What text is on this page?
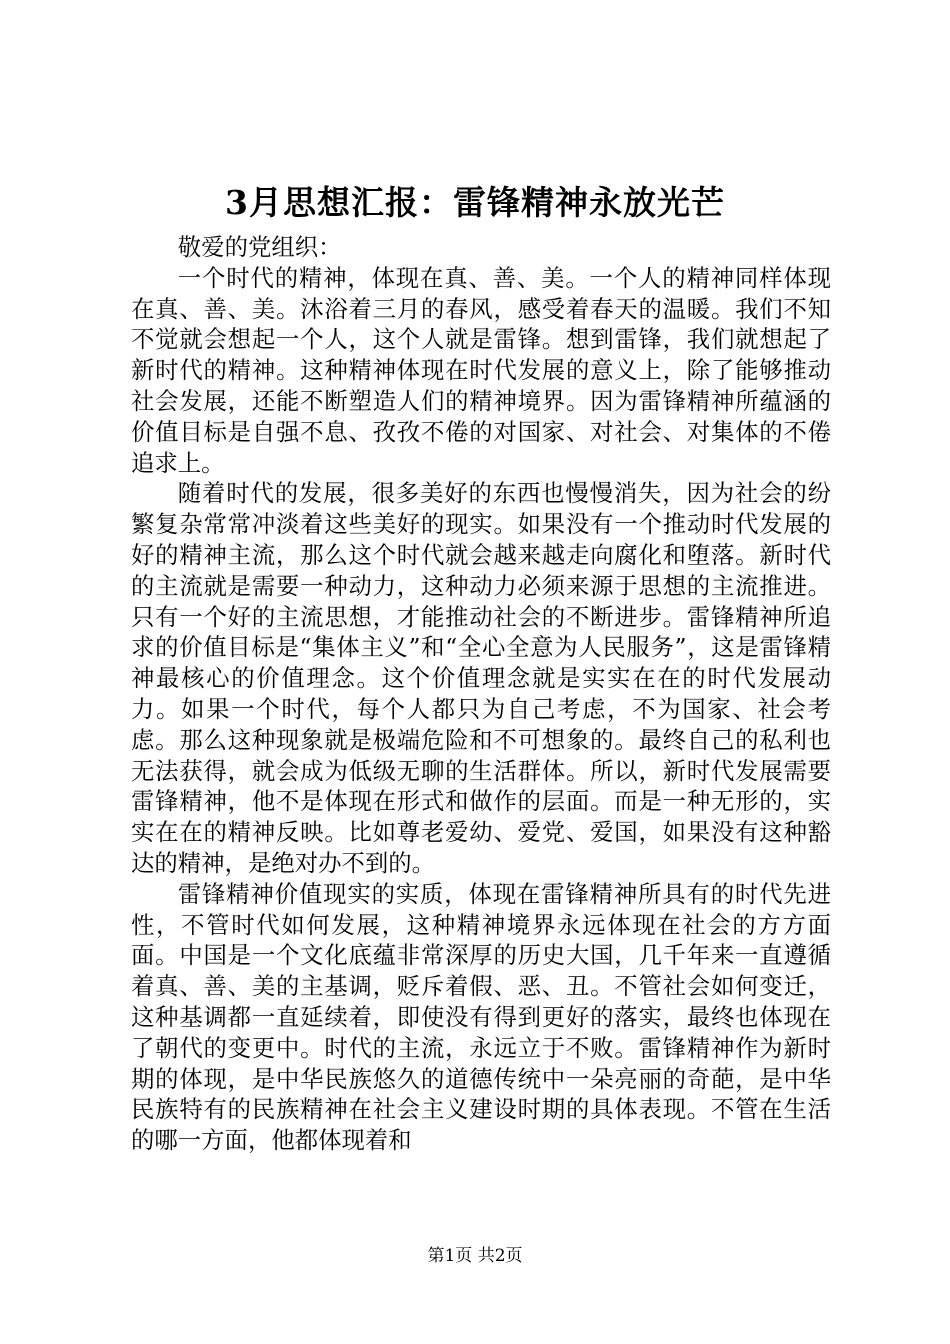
3月思想汇报：雷锋精神永放光芒

敬爱的党组织：

一个时代的精神，体现在真、善、美。一个人的精神同样体现在真、善、美。沐浴着三月的春风，感受着春天的温暖。我们不知不觉就会想起一个人，这个人就是雷锋。想到雷锋，我们就想起了新时代的精神。这种精神体现在时代发展的意义上，除了能够推动社会发展，还能不断塑造人们的精神境界。因为雷锋精神所蕴涵的价值目标是自强不息、孜孜不倦的对国家、对社会、对集体的不倦追求上。

随着时代的发展，很多美好的东西也慢慢消失，因为社会的纷繁复杂常常冲淡着这些美好的现实。如果没有一个推动时代发展的好的精神主流，那么这个时代就会越来越走向腐化和堕落。新时代的主流就是需要一种动力，这种动力必须来源于思想的主流推进。只有一个好的主流思想，才能推动社会的不断进步。雷锋精神所追求的价值目标是“集体主义”和“全心全意为人民服务”，这是雷锋精神最核心的价值理念。这个价值理念就是实实在在的时代发展动力。如果一个时代，每个人都只为自己考虑，不为国家、社会考虑。那么这种现象就是极端危险和不可想象的。最终自己的私利也无法获得，就会成为低级无聊的生活群体。所以，新时代发展需要雷锋精神，他不是体现在形式和做作的层面。而是一种无形的，实实在在的精神反映。比如尊老爱幼、爱党、爱国，如果没有这种豁达的精神，是绝对办不到的。

雷锋精神价值现实的实质，体现在雷锋精神所具有的时代先进性，不管时代如何发展，这种精神境界永远体现在社会的方方面面。中国是一个文化底蕴非常深厚的历史大国，几千年来一直遵循着真、善、美的主基调，贬斥着假、恶、丑。不管社会如何变迁，这种基调都一直延续着，即使没有得到更好的落实，最终也体现在了朝代的变更中。时代的主流，永远立于不败。雷锋精神作为新时期的体现，是中华民族悠久的道德传统中一朵亮丽的奇葩，是中华民族特有的民族精神在社会主义建设时期的具体表现。不管在生活的哪一方面，他都体现着和

第1页 共2页
